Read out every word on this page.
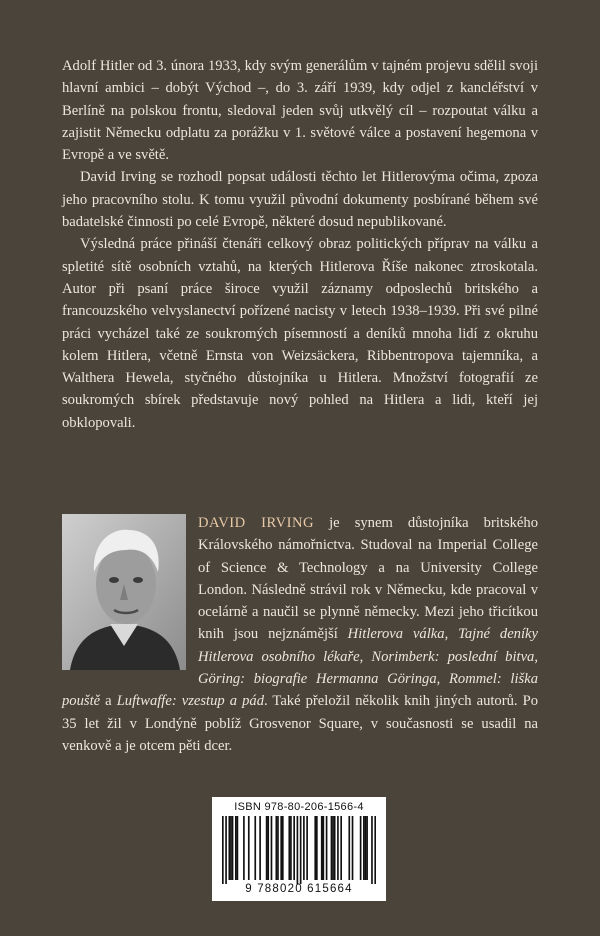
Adolf Hitler od 3. února 1933, kdy svým generálům v tajném projevu sdělil svoji hlavní ambici – dobýt Východ –, do 3. září 1939, kdy odjel z kancléřství v Berlíně na polskou frontu, sledoval jeden svůj utkvělý cíl – rozpoutat válku a zajistit Německu odplatu za porážku v 1. světové válce a postavení hegemona v Evropě a ve světě.

David Irving se rozhodl popsat události těchto let Hitlerovýma očima, zpoza jeho pracovního stolu. K tomu využil původní dokumenty posbírané během své badatelské činnosti po celé Evropě, některé dosud nepublikované.

Výsledná práce přináší čtenáři celkový obraz politických příprav na válku a spletité sítě osobních vztahů, na kterých Hitlerova Říše nakonec ztroskotala. Autor při psaní práce široce využil záznamy odposlechů britského a francouzského velvyslanectví pořízené nacisty v letech 1938–1939. Při své pilné práci vycházel také ze soukromých písemností a deníků mnoha lidí z okruhu kolem Hitlera, včetně Ernsta von Weizsäckera, Ribbentropova tajemníka, a Walthera Hewela, styčného důstojníka u Hitlera. Množství fotografií ze soukromých sbírek představuje nový pohled na Hitlera a lidi, kteří jej obklopovali.

DAVID IRVING je synem důstojníka britského Královského námořnictva. Studoval na Imperial College of Science & Technology a na University College London. Následně strávil rok v Německu, kde pracoval v ocelárně a naučil se plynně německy. Mezi jeho třicítkou knih jsou nejznámější Hitlerova válka, Tajné deníky Hitlerova osobního lékaře, Norimberk: poslední bitva, Göring: biografie Hermanna Göringa, Rommel: liška pouště a Luftwaffe: vzestup a pád. Také přeložil několik knih jiných autorů. Po 35 let žil v Londýně poblíž Grosvenor Square, v současnosti se usadil na venkově a je otcem pěti dcer.
ISBN 978-80-206-1566-4
9 788020 615664
